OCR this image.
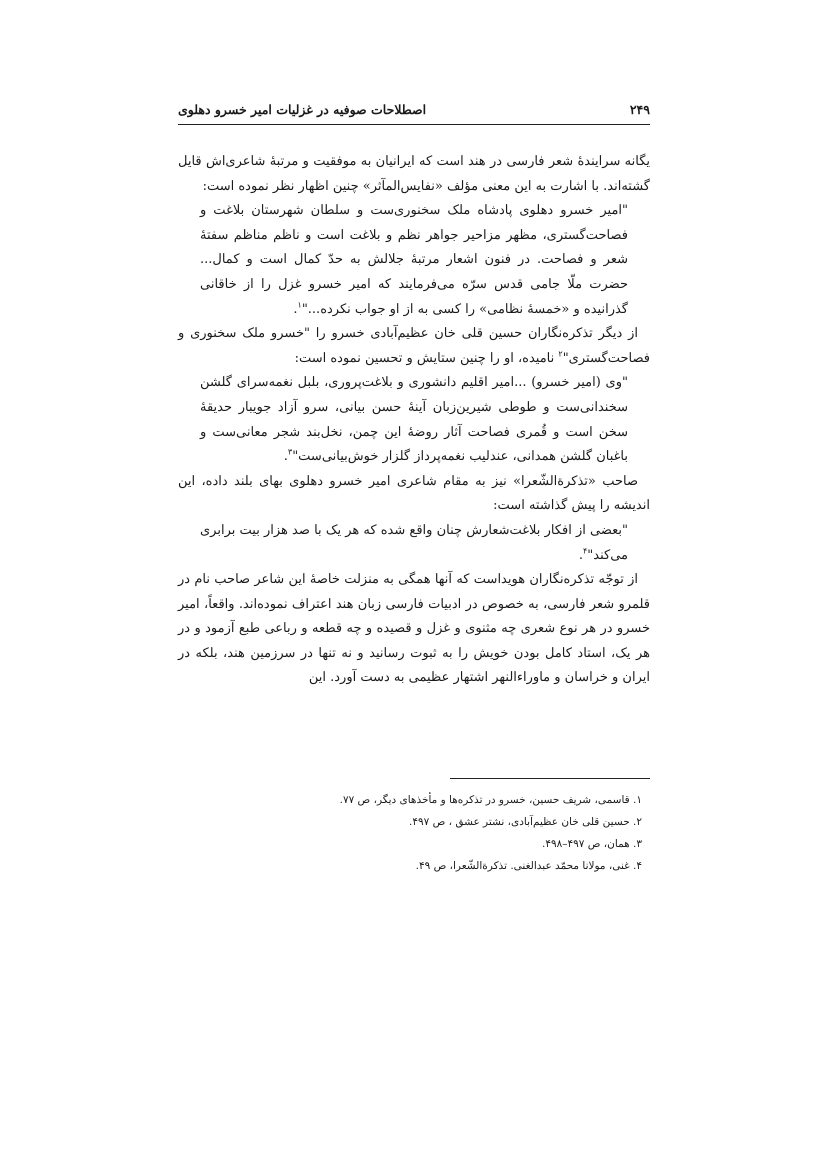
۲۴۹
اصطلاحات صوفیه در غزلیات امیر خسرو دهلوی

یگانه سرایندهٔ شعر فارسی در هند است که ایرانیان به موفقیت و مرتبهٔ شاعری‌اش قایل گشته‌اند. با اشارت به این معنی مؤلف «نفایس‌المآثر» چنین اظهار نظر نموده است:

"امیر خسرو دهلوی پادشاه ملک سخنوری‌ست و سلطان شهرستان بلاغت و فصاحت‌گستری، مظهر مزاحیر جواهر نظم و بلاغت است و ناظم مناظم سفتهٔ شعر و فصاحت. در فنون اشعار مرتبهٔ جلالش به حدّ کمال است و کمال... حضرت ملّا جامی قدس سرّه می‌فرمایند که امیر خسرو غزل را از خاقانی گذرانیده و «خمسهٔ نظامی» را کسی به از او جواب نکرده..."$^۱$.

از دیگر تذکره‌نگاران حسین قلی خان عظیم‌آبادی خسرو را "خسرو ملک سخنوری و فصاحت‌گستری"$^۲$ نامیده، او را چنین ستایش و تحسین نموده است:

"وی (امیر خسرو) ...امیر اقلیم دانشوری و بلاغت‌پروری، بلبل نغمه‌سرای گلشن سخندانی‌ست و طوطی شیرین‌زبان آینهٔ حسن بیانی، سرو آزاد جویبار حدیقهٔ سخن است و قُمری فصاحت آثار روضهٔ این چمن، نخل‌بند شجر معانی‌ست و باغبان گلشن همدانی، عندلیب نغمه‌پرداز گلزار خوش‌بیانی‌ست"$^۳$.

صاحب «تذکرةالشّعرا» نیز به مقام شاعری امیر خسرو دهلوی بهای بلند داده، این اندیشه را پیش گذاشته است:

"بعضی از افکار بلاغت‌شعارش چنان واقع شده که هر یک با صد هزار بیت برابری می‌کند"$^۴$.

از توجّه تذکره‌نگاران هویداست که آنها همگی به منزلت خاصهٔ این شاعر صاحب نام در قلمرو شعر فارسی، به خصوص در ادبیات فارسی زبان هند اعتراف نموده‌اند. واقعاً، امیر خسرو در هر نوع شعری چه مثنوی و غزل و قصیده و چه قطعه و رباعی طبع آزمود و در هر یک، استاد کامل بودن خویش را به ثبوت رسانید و نه تنها در سرزمین هند، بلکه در ایران و خراسان و ماوراءالنهر اشتهار عظیمی به دست آورد. این

۱. قاسمی، شریف حسین، خسرو در تذکره‌ها و مأخذهای دیگر، ص ۷۷.

۲. حسین قلی خان عظیم‌آبادی، نشتر عشق ، ص ۴۹۷.

۳. همان، ص ۴۹۷–۴۹۸.

۴. غنی، مولانا محمّد عبدالغنی. تذکرةالشّعرا، ص ۴۹.
